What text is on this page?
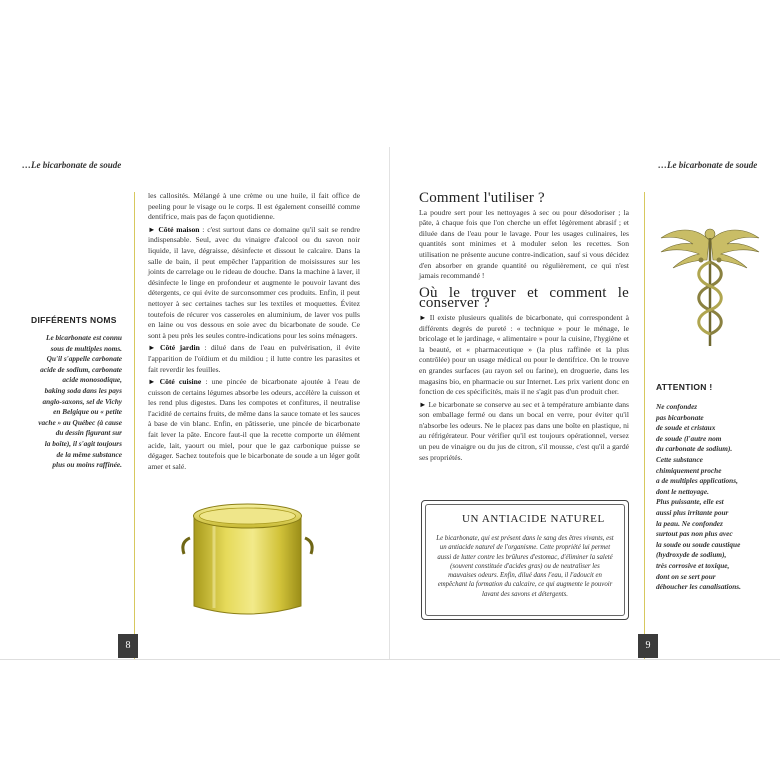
…Le bicarbonate de soude	…Le bicarbonate de soude
DIFFÉRENTS NOMS

Le bicarbonate est connu

sous de multiples noms.

Qu'il s'appelle carbonate

acide de sodium, carbonate

acide monosodique,

baking soda dans les pays

anglo-saxons, sel de Vichy

en Belgique ou « petite

vache » au Québec (à cause

du dessin figurant sur

la boîte), il s'agit toujours

de la même substance

plus ou moins raffinée.

les callosités. Mélangé à une crème ou une huile, il fait office de peeling pour le visage ou le corps. Il est également conseillé comme dentifrice, mais pas de façon quotidienne.

► Côté maison : c'est surtout dans ce domaine qu'il sait se rendre indispensable. Seul, avec du vinaigre d'alcool ou du savon noir liquide, il lave, dégraisse, désinfecte et dissout le calcaire. Dans la salle de bain, il peut empêcher l'apparition de moisissures sur les joints de carrelage ou le rideau de douche. Dans la machine à laver, il désinfecte le linge en profondeur et augmente le pouvoir lavant des détergents, ce qui évite de surconsommer ces produits. Enfin, il peut nettoyer à sec certaines taches sur les textiles et moquettes. Évitez toutefois de récurer vos casseroles en aluminium, de laver vos pulls en laine ou vos dessous en soie avec du bicarbonate de soude. Ce sont à peu près les seules contre-indications pour les soins ménagers.

► Côté jardin : dilué dans de l'eau en pulvérisation, il évite l'apparition de l'oïdium et du mildiou ; il lutte contre les parasites et fait reverdir les feuilles.

► Côté cuisine : une pincée de bicarbonate ajoutée à l'eau de cuisson de certains légumes absorbe les odeurs, accélère la cuisson et les rend plus digestes. Dans les compotes et confitures, il neutralise l'acidité de certains fruits, de même dans la sauce tomate et les sauces à base de vin blanc. Enfin, en pâtisserie, une pincée de bicarbonate fait lever la pâte. Encore faut-il que la recette comporte un élément acide, lait, yaourt ou miel, pour que le gaz carbonique puisse se dégager. Sachez toutefois que le bicarbonate de soude a un léger goût amer et salé.

8
Comment l'utiliser ?

La poudre sert pour les nettoyages à sec ou pour désodoriser ; la pâte, à chaque fois que l'on cherche un effet légèrement abrasif ; et diluée dans de l'eau pour le lavage. Pour les usages culinaires, les quantités sont minimes et à moduler selon les recettes. Son utilisation ne présente aucune contre-indication, sauf si vous décidez d'en absorber en grande quantité ou régulièrement, ce qui n'est jamais recommandé !

Où le trouver et comment le conserver ?

► Il existe plusieurs qualités de bicarbonate, qui correspondent à différents degrés de pureté : « technique » pour le ménage, le bricolage et le jardinage, « alimentaire » pour la cuisine, l'hygiène et la beauté, et « pharmaceutique » (la plus raffinée et la plus contrôlée) pour un usage médical ou pour le dentifrice. On le trouve en grandes surfaces (au rayon sel ou farine), en droguerie, dans les magasins bio, en pharmacie ou sur Internet. Les prix varient donc en fonction de ces spécificités, mais il ne s'agit pas d'un produit cher.

► Le bicarbonate se conserve au sec et à température ambiante dans son emballage fermé ou dans un bocal en verre, pour éviter qu'il n'absorbe les odeurs. Ne le placez pas dans une boîte en plastique, ni au réfrigérateur. Pour vérifier qu'il est toujours opérationnel, versez un peu de vinaigre ou du jus de citron, s'il mousse, c'est qu'il a gardé ses propriétés.

UN ANTIACIDE NATUREL
Le bicarbonate, qui est présent dans le sang des êtres vivants, est un antiacide naturel de l'organisme. Cette propriété lui permet aussi de lutter contre les brûlures d'estomac, d'éliminer la saleté (souvent constituée d'acides gras) ou de neutraliser les mauvaises odeurs. Enfin, dilué dans l'eau, il l'adoucit en empêchant la formation du calcaire, ce qui augmente le pouvoir lavant des savons et détergents.
ATTENTION !

Ne confondez

pas bicarbonate

de soude et cristaux

de soude (l'autre nom

du carbonate de sodium).

Cette substance

chimiquement proche

a de multiples applications,

dont le nettoyage.

Plus puissante, elle est

aussi plus irritante pour

la peau. Ne confondez

surtout pas non plus avec

la soude ou soude caustique

(hydroxyde de sodium),

très corrosive et toxique,

dont on se sert pour

déboucher les canalisations.

9
